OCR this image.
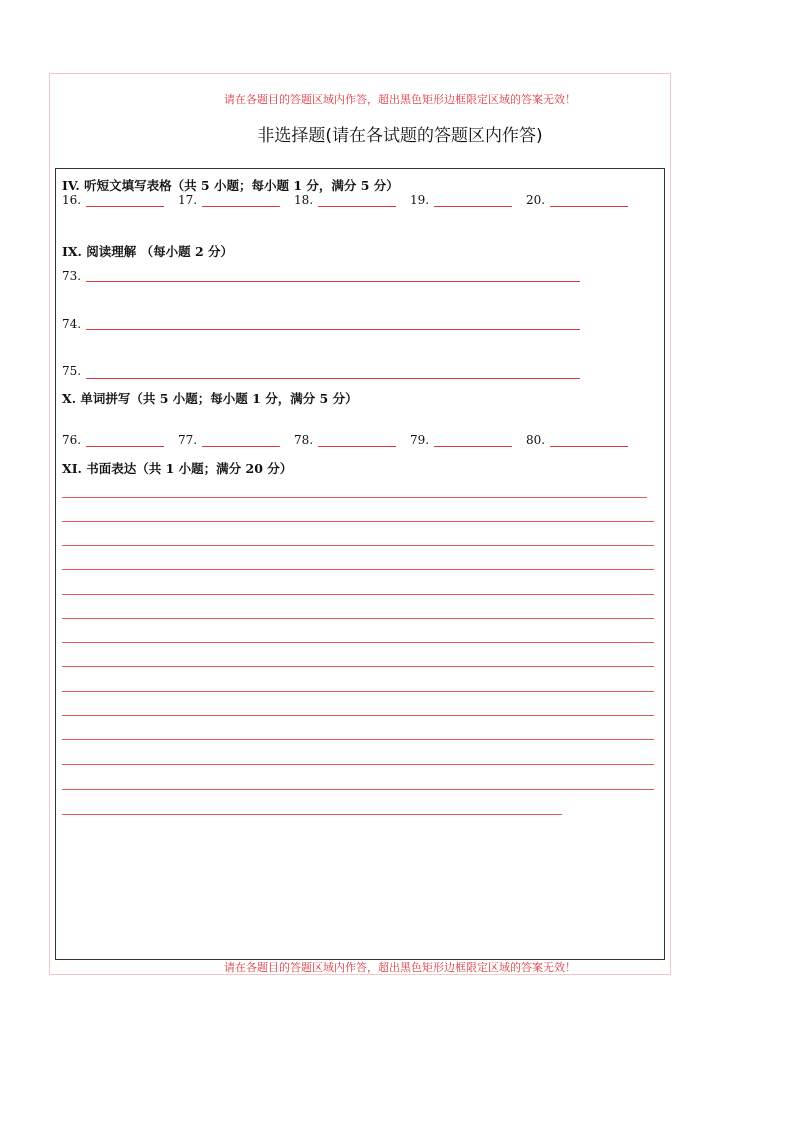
请在各题目的答题区域内作答，超出黑色矩形边框限定区域的答案无效！
非选择题(请在各试题的答题区内作答)
IV. 听短文填写表格（共 5 小题；每小题 1 分，满分 5 分）
16.	17.	18.	19.	20.
IX. 阅读理解 （每小题 2 分）
73.
74.
75.
X. 单词拼写（共 5 小题；每小题 1 分，满分 5 分）
76.	77.	78.	79.	80.
XI. 书面表达（共 1 小题；满分 20 分）
请在各题目的答题区域内作答，超出黑色矩形边框限定区域的答案无效！
